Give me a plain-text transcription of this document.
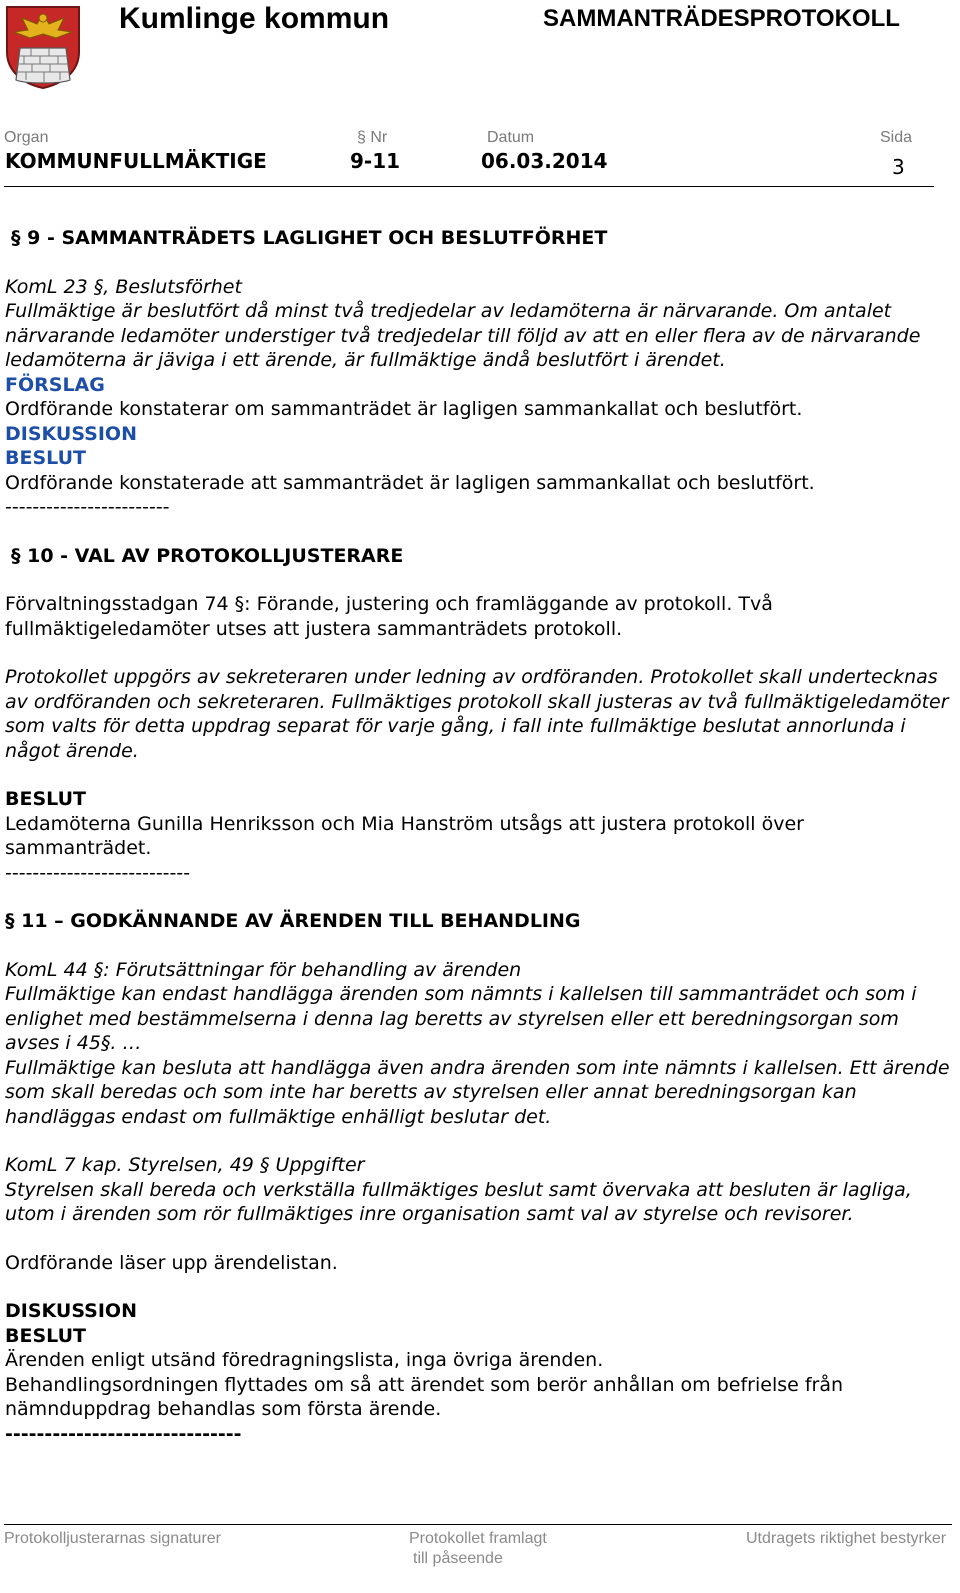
Kumlinge kommun	SAMMANTRÄDESPROTOKOLL
Organ	§ Nr	Datum	Sida
KOMMUNFULLMÄKTIGE	9-11	06.03.2014	3

§ 9 - SAMMANTRÄDETS LAGLIGHET OCH BESLUTFÖRHET

KomL 23 §, Beslutsförhet

Fullmäktige är beslutfört då minst två tredjedelar av ledamöterna är närvarande. Om antalet närvarande ledamöter understiger två tredjedelar till följd av att en eller flera av de närvarande ledamöterna är jäviga i ett ärende, är fullmäktige ändå beslutfört i ärendet.

FÖRSLAG

Ordförande konstaterar om sammanträdet är lagligen sammankallat och beslutfört.

DISKUSSION

BESLUT

Ordförande konstaterade att sammanträdet är lagligen sammankallat och beslutfört.

------------------------

§ 10 - VAL AV PROTOKOLLJUSTERARE

Förvaltningsstadgan 74 §: Förande, justering och framläggande av protokoll. Två fullmäktigeledamöter utses att justera sammanträdets protokoll.

Protokollet uppgörs av sekreteraren under ledning av ordföranden. Protokollet skall undertecknas av ordföranden och sekreteraren. Fullmäktiges protokoll skall justeras av två fullmäktigeledamöter som valts för detta uppdrag separat för varje gång, i fall inte fullmäktige beslutat annorlunda i något ärende.

BESLUT

Ledamöterna Gunilla Henriksson och Mia Hanström utsågs att justera protokoll över sammanträdet.

---------------------------

§ 11 – GODKÄNNANDE AV ÄRENDEN TILL BEHANDLING

KomL 44 §: Förutsättningar för behandling av ärenden

Fullmäktige kan endast handlägga ärenden som nämnts i kallelsen till sammanträdet och som i enlighet med bestämmelserna i denna lag beretts av styrelsen eller ett beredningsorgan som avses i 45§. …

Fullmäktige kan besluta att handlägga även andra ärenden som inte nämnts i kallelsen. Ett ärende som skall beredas och som inte har beretts av styrelsen eller annat beredningsorgan kan handläggas endast om fullmäktige enhälligt beslutar det.

KomL 7 kap. Styrelsen, 49 § Uppgifter

Styrelsen skall bereda och verkställa fullmäktiges beslut samt övervaka att besluten är lagliga, utom i ärenden som rör fullmäktiges inre organisation samt val av styrelse och revisorer.

Ordförande läser upp ärendelistan.

DISKUSSION

BESLUT

Ärenden enligt utsänd föredragningslista, inga övriga ärenden.

Behandlingsordningen flyttades om så att ärendet som berör anhållan om befrielse från nämnduppdrag behandlas som första ärende.

------------------------------

Protokolljusterarnas signaturer	Protokollet framlagt
till påseende
Utdragets riktighet bestyrker
